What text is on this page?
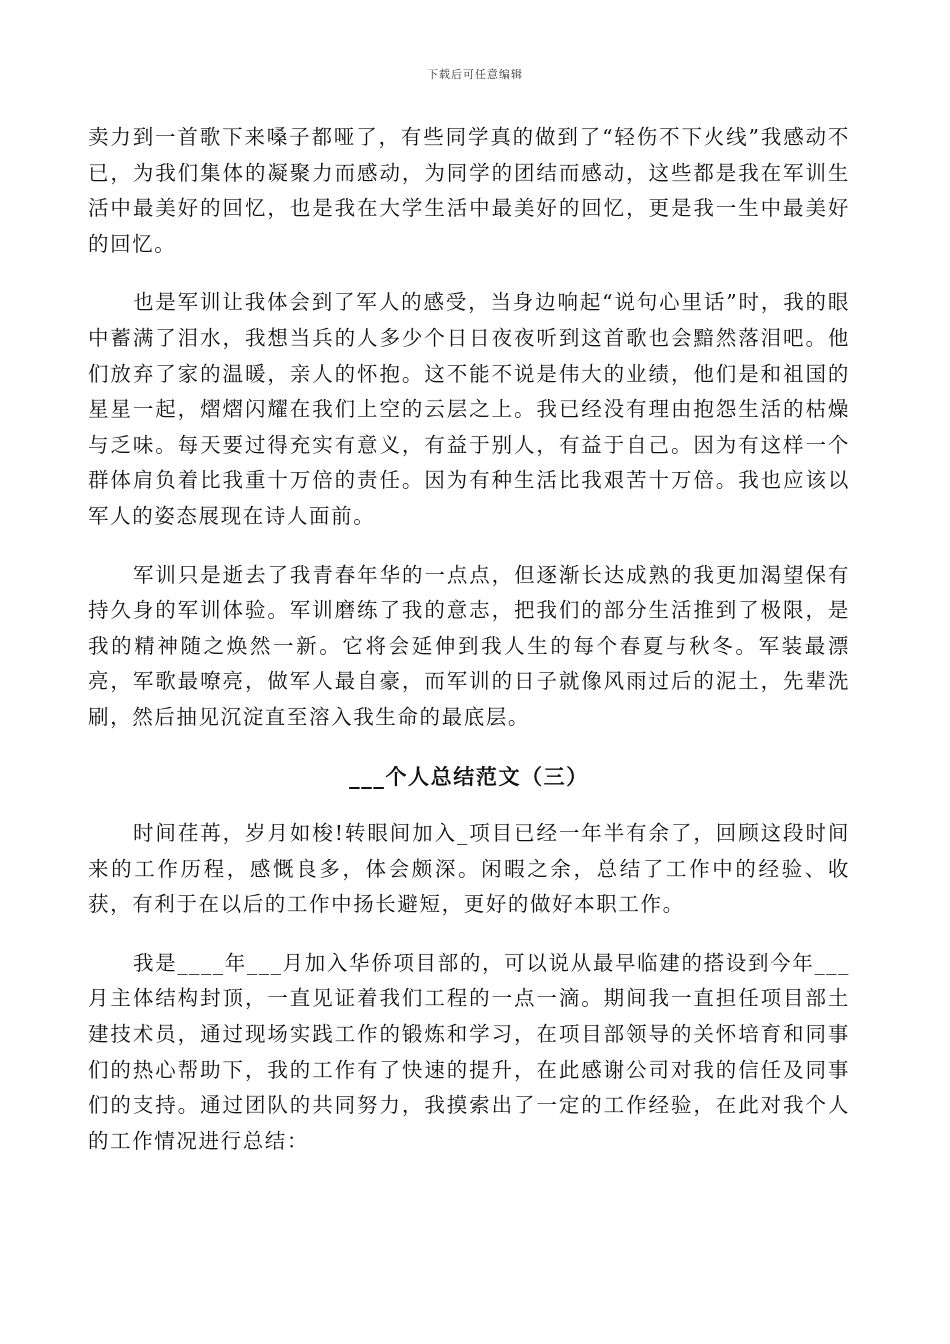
下载后可任意编辑

卖力到一首歌下来嗓子都哑了，有些同学真的做到了“轻伤不下火线”我感动不已，为我们集体的凝聚力而感动，为同学的团结而感动，这些都是我在军训生活中最美好的回忆，也是我在大学生活中最美好的回忆，更是我一生中最美好的回忆。

也是军训让我体会到了军人的感受，当身边响起“说句心里话”时，我的眼中蓄满了泪水，我想当兵的人多少个日日夜夜听到这首歌也会黯然落泪吧。他们放弃了家的温暖，亲人的怀抱。这不能不说是伟大的业绩，他们是和祖国的星星一起，熠熠闪耀在我们上空的云层之上。我已经没有理由抱怨生活的枯燥与乏味。每天要过得充实有意义，有益于别人，有益于自己。因为有这样一个群体肩负着比我重十万倍的责任。因为有种生活比我艰苦十万倍。我也应该以军人的姿态展现在诗人面前。

军训只是逝去了我青春年华的一点点，但逐渐长达成熟的我更加渴望保有持久身的军训体验。军训磨练了我的意志，把我们的部分生活推到了极限，是我的精神随之焕然一新。它将会延伸到我人生的每个春夏与秋冬。军装最漂亮，军歌最嘹亮，做军人最自豪，而军训的日子就像风雨过后的泥土，先辈洗刷，然后抽见沉淀直至溶入我生命的最底层。

___个人总结范文（三）

时间荏苒，岁月如梭!转眼间加入_项目已经一年半有余了，回顾这段时间来的工作历程，感慨良多，体会颇深。闲暇之余，总结了工作中的经验、收获，有利于在以后的工作中扬长避短，更好的做好本职工作。

我是____年___月加入华侨项目部的，可以说从最早临建的搭设到今年___月主体结构封顶，一直见证着我们工程的一点一滴。期间我一直担任项目部土建技术员，通过现场实践工作的锻炼和学习，在项目部领导的关怀培育和同事们的热心帮助下，我的工作有了快速的提升，在此感谢公司对我的信任及同事们的支持。通过团队的共同努力，我摸索出了一定的工作经验，在此对我个人的工作情况进行总结：
